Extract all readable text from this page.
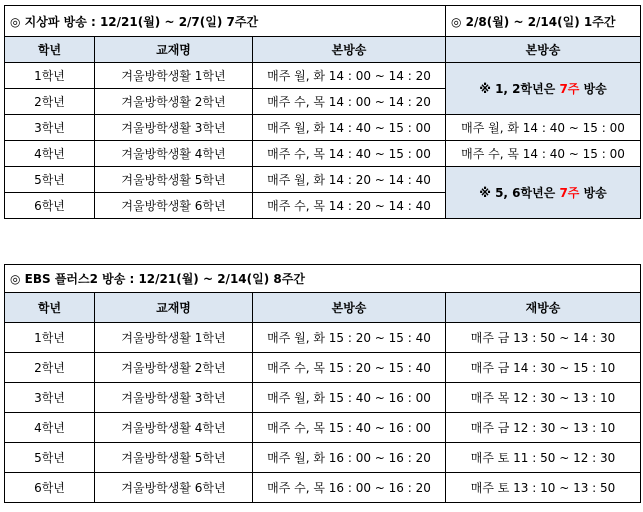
◎ 지상파 방송 : 12/21(월) ~ 2/7(일) 7주간			◎ 2/8(월) ~ 2/14(일) 1주간
학년	교재명	본방송	본방송
1학년	겨울방학생활 1학년	매주 월, 화 14 : 00 ~ 14 : 20	※ 1, 2학년은 7주 방송
2학년	겨울방학생활 2학년	매주 수, 목 14 : 00 ~ 14 : 20	
3학년	겨울방학생활 3학년	매주 월, 화 14 : 40 ~ 15 : 00	매주 월, 화 14 : 40 ~ 15 : 00
4학년	겨울방학생활 4학년	매주 수, 목 14 : 40 ~ 15 : 00	매주 수, 목 14 : 40 ~ 15 : 00
5학년	겨울방학생활 5학년	매주 월, 화 14 : 20 ~ 14 : 40	※ 5, 6학년은 7주 방송
6학년	겨울방학생활 6학년	매주 수, 목 14 : 20 ~ 14 : 40	
◎ EBS 플러스2 방송 : 12/21(월) ~ 2/14(일) 8주간			
학년	교재명	본방송	재방송
1학년	겨울방학생활 1학년	매주 월, 화 15 : 20 ~ 15 : 40	매주 금 13 : 50 ~ 14 : 30
2학년	겨울방학생활 2학년	매주 수, 목 15 : 20 ~ 15 : 40	매주 금 14 : 30 ~ 15 : 10
3학년	겨울방학생활 3학년	매주 월, 화 15 : 40 ~ 16 : 00	매주 목 12 : 30 ~ 13 : 10
4학년	겨울방학생활 4학년	매주 수, 목 15 : 40 ~ 16 : 00	매주 금 12 : 30 ~ 13 : 10
5학년	겨울방학생활 5학년	매주 월, 화 16 : 00 ~ 16 : 20	매주 토 11 : 50 ~ 12 : 30
6학년	겨울방학생활 6학년	매주 수, 목 16 : 00 ~ 16 : 20	매주 토 13 : 10 ~ 13 : 50
